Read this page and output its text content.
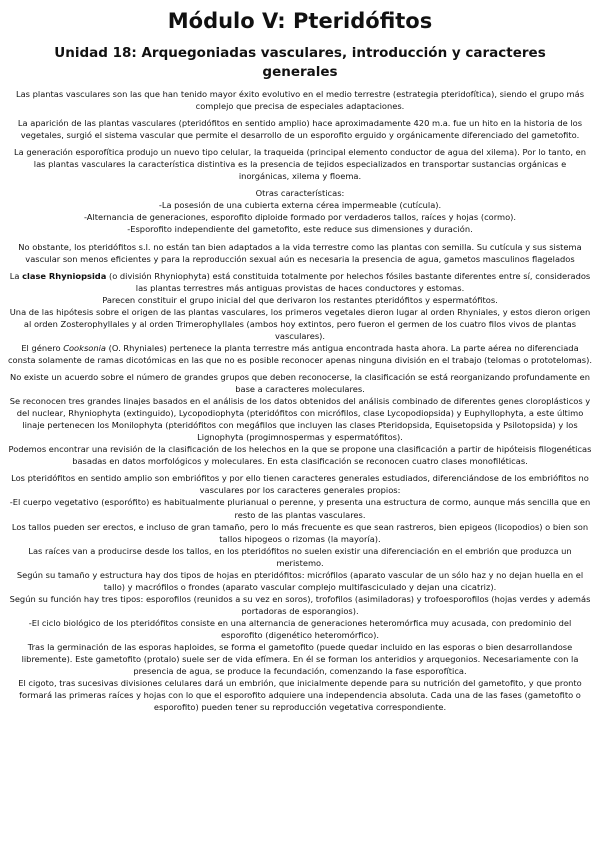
Módulo V: Pteridófitos
Unidad 18: Arquegoniadas vasculares, introducción y caracteres generales

Las plantas vasculares son las que han tenido mayor éxito evolutivo en el medio terrestre (estrategia pteridofítica), siendo el grupo más complejo que precisa de especiales adaptaciones.

La aparición de las plantas vasculares (pteridófitos en sentido amplio) hace aproximadamente 420 m.a. fue un hito en la historia de los vegetales, surgió el sistema vascular que permite el desarrollo de un esporofito erguido y orgánicamente diferenciado del gametofito.

La generación esporofítica produjo un nuevo tipo celular, la traqueida (principal elemento conductor de agua del xilema). Por lo tanto, en las plantas vasculares la característica distintiva es la presencia de tejidos especializados en transportar sustancias orgánicas e inorgánicas, xilema y floema.

Otras características:

-La posesión de una cubierta externa cérea impermeable (cutícula).

-Alternancia de generaciones, esporofito diploide formado por verdaderos tallos, raíces y hojas (cormo).

-Esporofito independiente del gametofito, este reduce sus dimensiones y duración.

No obstante, los pteridófitos s.l. no están tan bien adaptados a la vida terrestre como las plantas con semilla. Su cutícula y sus sistema vascular son menos eficientes y para la reproducción sexual aún es necesaria la presencia de agua, gametos masculinos flagelados

La clase Rhyniopsida (o división Rhyniophyta) está constituida totalmente por helechos fósiles bastante diferentes entre sí, considerados las plantas terrestres más antiguas provistas de haces conductores y estomas.

Parecen constituir el grupo inicial del que derivaron los restantes pteridófitos y espermatófitos.

Una de las hipótesis sobre el origen de las plantas vasculares, los primeros vegetales dieron lugar al orden Rhyniales, y estos dieron origen al orden Zosterophyllales y al orden Trimerophyllales (ambos hoy extintos, pero fueron el germen de los cuatro filos vivos de plantas vasculares).

El género Cooksonia (O. Rhyniales) pertenece la planta terrestre más antigua encontrada hasta ahora. La parte aérea no diferenciada consta solamente de ramas dicotómicas en las que no es posible reconocer apenas ninguna división en el trabajo (telomas o prototelomas).

No existe un acuerdo sobre el número de grandes grupos que deben reconocerse, la clasificación se está reorganizando profundamente en base a caracteres moleculares.

Se reconocen tres grandes linajes basados en el análisis de los datos obtenidos del análisis combinado de diferentes genes cloroplásticos y del nuclear, Rhyniophyta (extinguido), Lycopodiophyta (pteridófitos con micrófilos, clase Lycopodiopsida) y Euphyllophyta, a este último linaje pertenecen los Monilophyta (pteridófitos con megáfilos que incluyen las clases Pteridopsida, Equisetopsida y Psilotopsida) y los Lignophyta (progimnospermas y espermatófitos).

Podemos encontrar una revisión de la clasificación de los helechos en la que se propone una clasificación a partir de hipóteisis filogenéticas basadas en datos morfológicos y moleculares. En esta clasificación se reconocen cuatro clases monofiléticas.

Los pteridófitos en sentido amplio son embriófitos y por ello tienen caracteres generales estudiados, diferenciándose de los embriófitos no vasculares por los caracteres generales propios:

-El cuerpo vegetativo (esporófito) es habitualmente plurianual o perenne, y presenta una estructura de cormo, aunque más sencilla que en resto de las plantas vasculares.

Los tallos pueden ser erectos, e incluso de gran tamaño, pero lo más frecuente es que sean rastreros, bien epigeos (licopodios) o bien son tallos hipogeos o rizomas (la mayoría).

Las raíces van a producirse desde los tallos, en los pteridófitos no suelen existir una diferenciación en el embrión que produzca un meristemo.

Según su tamaño y estructura hay dos tipos de hojas en pteridófitos: micrófilos (aparato vascular de un sólo haz y no dejan huella en el tallo) y macrófilos o frondes (aparato vascular complejo multifasciculado y dejan una cicatriz).

Según su función hay tres tipos: esporofilos (reunidos a su vez en soros), trofofilos (asimiladoras) y trofoesporofilos (hojas verdes y además portadoras de esporangios).

-El ciclo biológico de los pteridófitos consiste en una alternancia de generaciones heteromórfica muy acusada, con predominio del esporofito (digenético heteromórfico).

Tras la germinación de las esporas haploides, se forma el gametofito (puede quedar incluido en las esporas o bien desarrollandose libremente). Este gametofito (protalo) suele ser de vida efímera. En él se forman los anteridios y arquegonios. Necesariamente con la presencia de agua, se produce la fecundación, comenzando la fase esporofítica.

El cigoto, tras sucesivas divisiones celulares dará un embrión, que inicialmente depende para su nutrición del gametofito, y que pronto formará las primeras raíces y hojas con lo que el esporofito adquiere una independencia absoluta. Cada una de las fases (gametofito o esporofito) pueden tener su reproducción vegetativa correspondiente.
